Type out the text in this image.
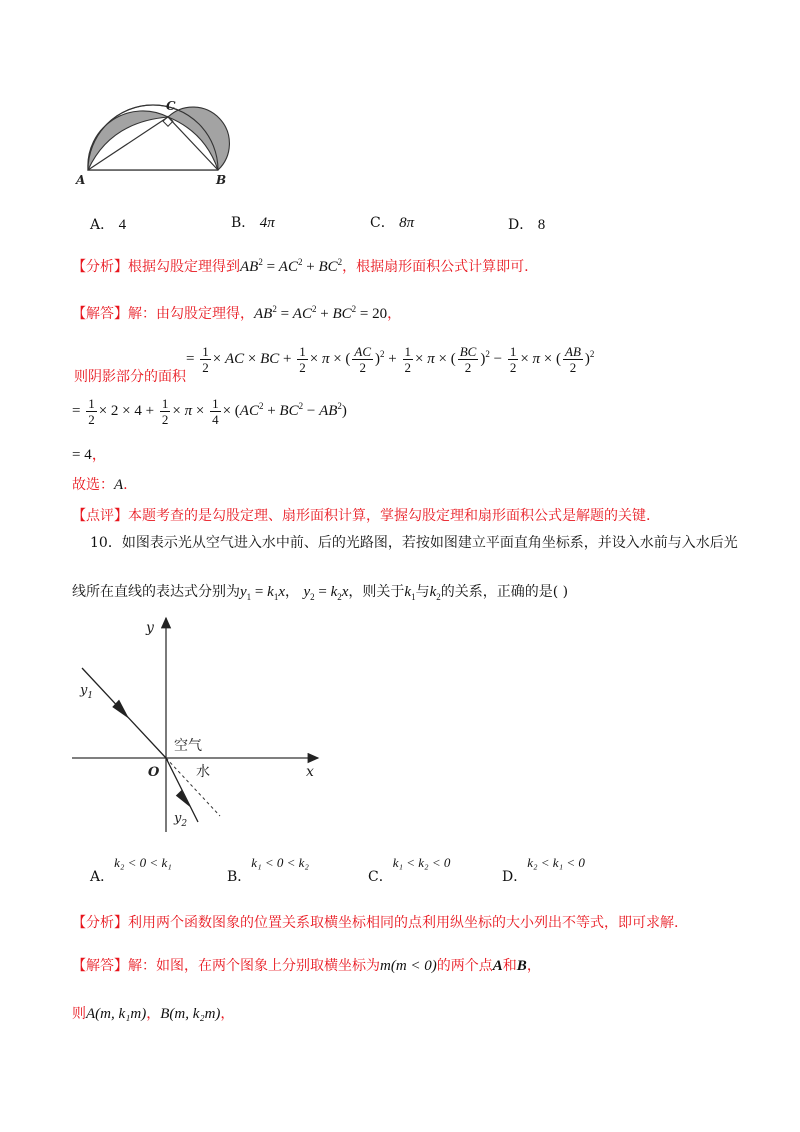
C
A	B
A． 4	B． 4π	C． 8π	D． 8
【分析】根据勾股定理得到$AB^2 = AC^2 + BC^2$，根据扇形面积公式计算即可.
【解答】解：由勾股定理得，$AB^2 = AC^2 + BC^2 = 20$，
= $\frac{1}{2}$ × AC × BC + $\frac{1}{2} \times \pi$ × ( $\frac{AC}{2} )^2 + \frac{1}{2} \times \pi$ × ( $\frac{BC}{2} )^2 - \frac{1}{2} \times \pi$ × ( $\frac{AB}{2} )^2$
则阴影部分的面积
= $\frac{1}{2} \times 2 \times 4 + \frac{1}{2} \times \pi \times \frac{1}{4} \times (AC^2 + BC^2 - AB^2)$
= 4，
故选：A.
【点评】本题考查的是勾股定理、扇形面积计算，掌握勾股定理和扇形面积公式是解题的关键.
10．如图表示光从空气进入水中前、后的光路图，若按如图建立平面直角坐标系，并设入水前与入水后光
线所在直线的表达式分别为$y_1 = k_1x$， $y_2 = k_2x$，则关于$k_1$与$k_2$的关系，正确的是( )
y
x
O
空气
水
$y_1$
$y_2$
A．k₂ < 0 < k₁
B．k₁ < 0 < k₂
C．k₁ < k₂ < 0
D．k₂ < k₁ < 0
【分析】利用两个函数图象的位置关系取横坐标相同的点利用纵坐标的大小列出不等式，即可求解.
【解答】解：如图，在两个图象上分别取横坐标为m(m < 0)的两个点A和B，
则A(m, k₁m)，B(m, k₂m)，
